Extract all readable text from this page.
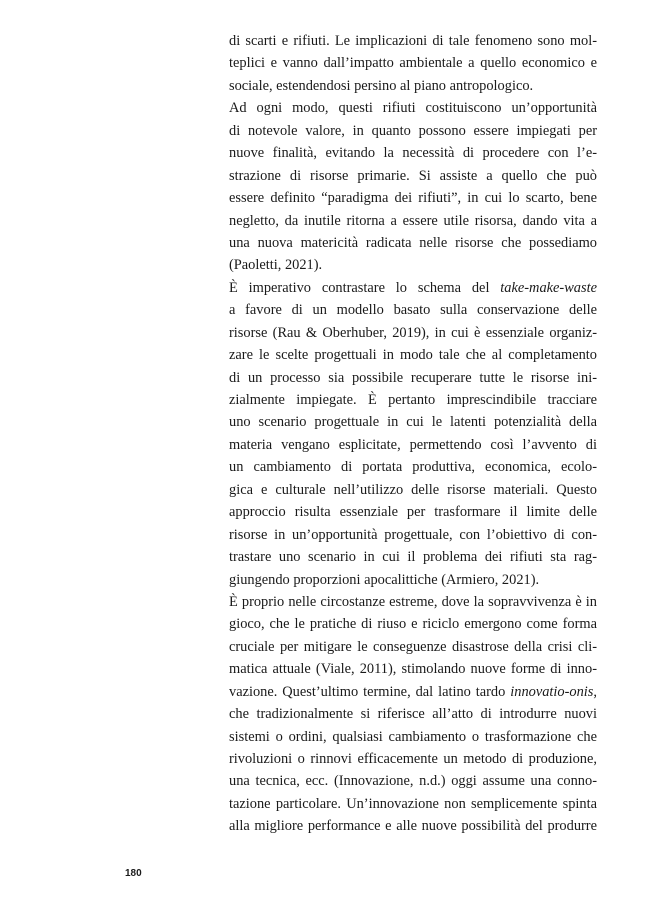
di scarti e rifiuti. Le implicazioni di tale fenomeno sono mol-
teplici e vanno dall’impatto ambientale a quello economico e
sociale, estendendosi persino al piano antropologico.
Ad ogni modo, questi rifiuti costituiscono un’opportunità
di notevole valore, in quanto possono essere impiegati per
nuove finalità, evitando la necessità di procedere con l’e-
strazione di risorse primarie. Si assiste a quello che può
essere definito “paradigma dei rifiuti”, in cui lo scarto, bene
negletto, da inutile ritorna a essere utile risorsa, dando vita a
una nuova matericità radicata nelle risorse che possediamo
(Paoletti, 2021).
È imperativo contrastare lo schema del take-make-waste
a favore di un modello basato sulla conservazione delle
risorse (Rau & Oberhuber, 2019), in cui è essenziale organiz-
zare le scelte progettuali in modo tale che al completamento
di un processo sia possibile recuperare tutte le risorse ini-
zialmente impiegate. È pertanto imprescindibile tracciare
uno scenario progettuale in cui le latenti potenzialità della
materia vengano esplicitate, permettendo così l’avvento di
un cambiamento di portata produttiva, economica, ecolo-
gica e culturale nell’utilizzo delle risorse materiali. Questo
approccio risulta essenziale per trasformare il limite delle
risorse in un’opportunità progettuale, con l’obiettivo di con-
trastare uno scenario in cui il problema dei rifiuti sta rag-
giungendo proporzioni apocalittiche (Armiero, 2021).
È proprio nelle circostanze estreme, dove la sopravvivenza è in
gioco, che le pratiche di riuso e riciclo emergono come forma
cruciale per mitigare le conseguenze disastrose della crisi cli-
matica attuale (Viale, 2011), stimolando nuove forme di inno-
vazione. Quest’ultimo termine, dal latino tardo innovatio-onis,
che tradizionalmente si riferisce all’atto di introdurre nuovi
sistemi o ordini, qualsiasi cambiamento o trasformazione che
rivoluzioni o rinnovi efficacemente un metodo di produzione,
una tecnica, ecc. (Innovazione, n.d.) oggi assume una conno-
tazione particolare. Un’innovazione non semplicemente spinta
alla migliore performance e alle nuove possibilità del produrre
180
